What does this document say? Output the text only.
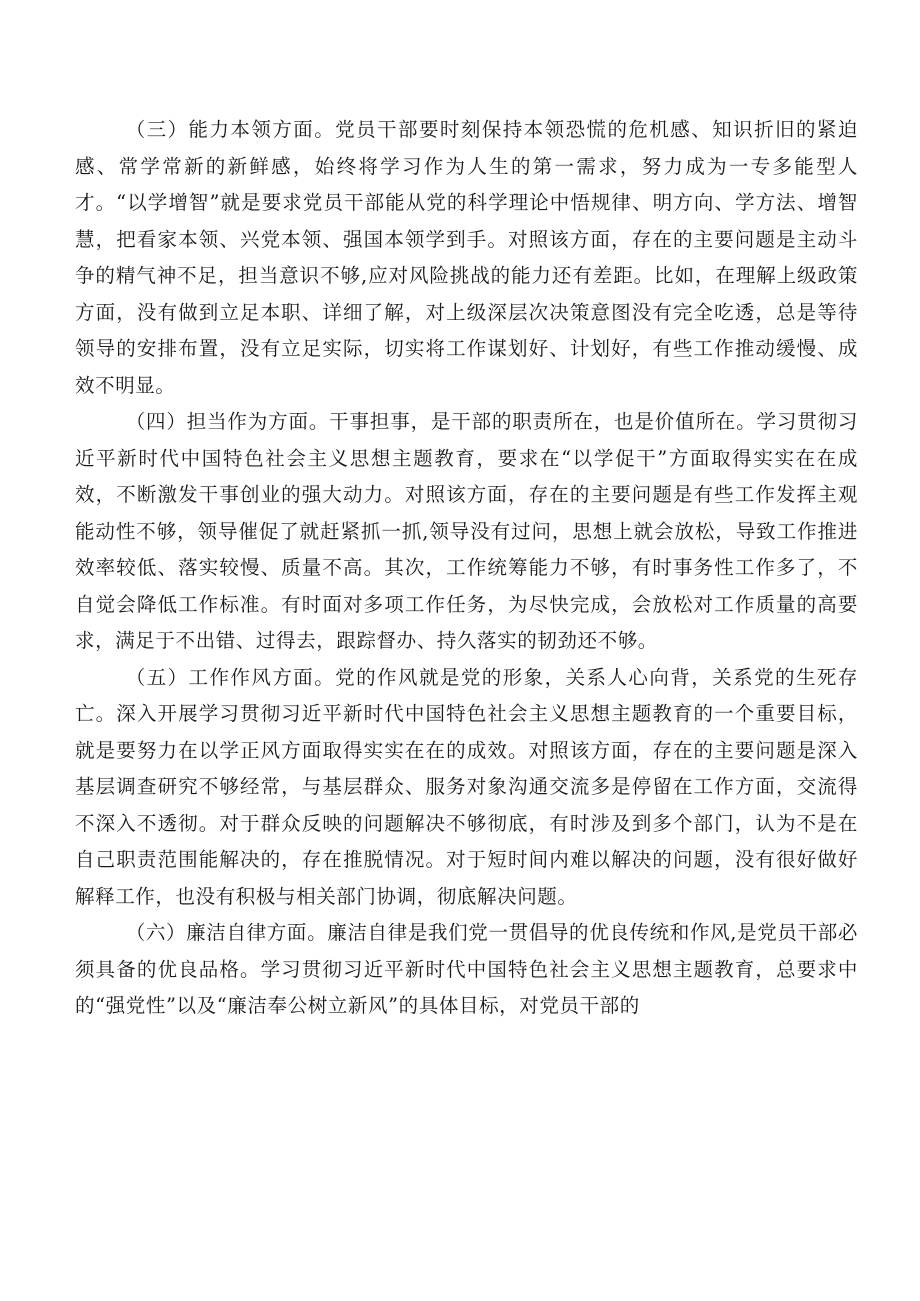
（三）能力本领方面。党员干部要时刻保持本领恐慌的危机感、知识折旧的紧迫感、常学常新的新鲜感，始终将学习作为人生的第一需求，努力成为一专多能型人才。“以学增智”就是要求党员干部能从党的科学理论中悟规律、明方向、学方法、增智慧，把看家本领、兴党本领、强国本领学到手。对照该方面，存在的主要问题是主动斗争的精气神不足，担当意识不够,应对风险挑战的能力还有差距。比如，在理解上级政策方面，没有做到立足本职、详细了解，对上级深层次决策意图没有完全吃透，总是等待领导的安排布置，没有立足实际，切实将工作谋划好、计划好，有些工作推动缓慢、成效不明显。

（四）担当作为方面。干事担事，是干部的职责所在，也是价值所在。学习贯彻习近平新时代中国特色社会主义思想主题教育，要求在“以学促干”方面取得实实在在成效，不断激发干事创业的强大动力。对照该方面，存在的主要问题是有些工作发挥主观能动性不够，领导催促了就赶紧抓一抓,领导没有过问，思想上就会放松，导致工作推进效率较低、落实较慢、质量不高。其次，工作统筹能力不够，有时事务性工作多了，不自觉会降低工作标准。有时面对多项工作任务，为尽快完成，会放松对工作质量的高要求，满足于不出错、过得去，跟踪督办、持久落实的韧劲还不够。

（五）工作作风方面。党的作风就是党的形象，关系人心向背，关系党的生死存亡。深入开展学习贯彻习近平新时代中国特色社会主义思想主题教育的一个重要目标，就是要努力在以学正风方面取得实实在在的成效。对照该方面，存在的主要问题是深入基层调查研究不够经常，与基层群众、服务对象沟通交流多是停留在工作方面，交流得不深入不透彻。对于群众反映的问题解决不够彻底，有时涉及到多个部门，认为不是在自己职责范围能解决的，存在推脱情况。对于短时间内难以解决的问题，没有很好做好解释工作，也没有积极与相关部门协调，彻底解决问题。

（六）廉洁自律方面。廉洁自律是我们党一贯倡导的优良传统和作风,是党员干部必须具备的优良品格。学习贯彻习近平新时代中国特色社会主义思想主题教育，总要求中的“强党性”以及“廉洁奉公树立新风”的具体目标，对党员干部的
